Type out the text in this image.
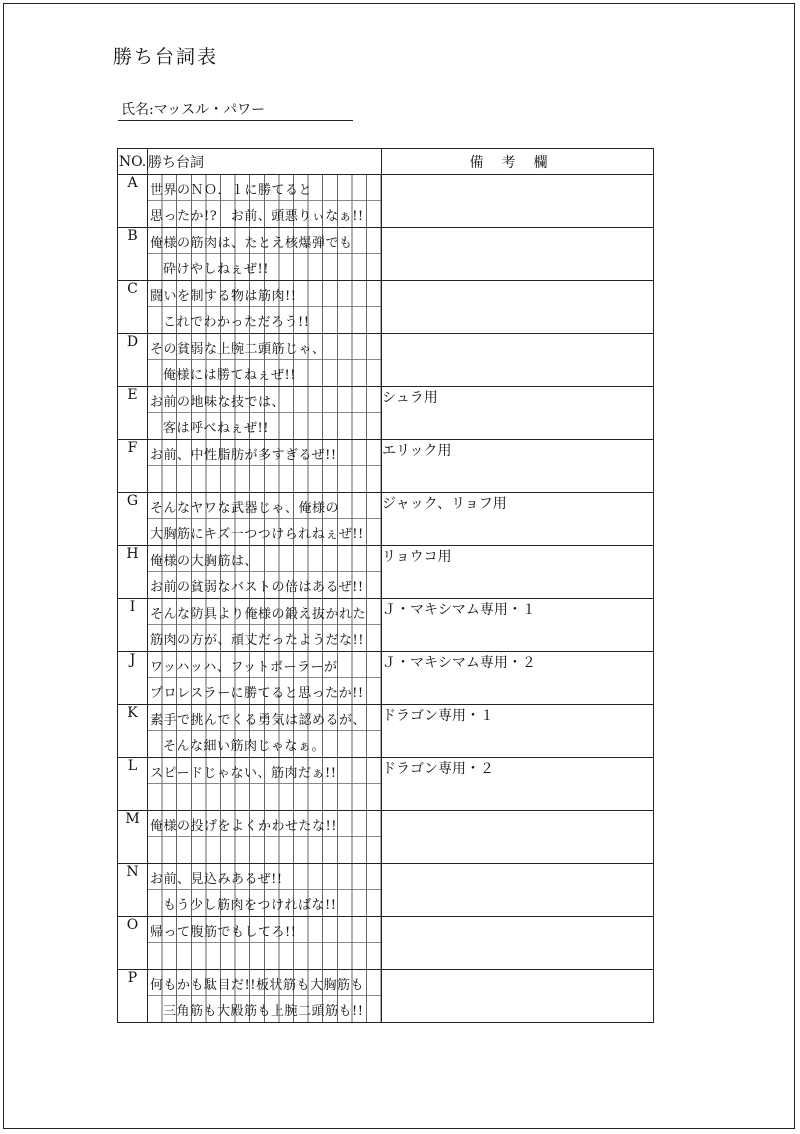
勝ち台詞表
氏名:マッスル・パワー
NO.	勝ち台詞	備考欄
A	世界のＮＯ．１に勝てると
思ったか!?　お前、頭悪りぃなぁ!!	

B	俺様の筋肉は、たとえ核爆弾でも
砕けやしねぇぜ!!	

C	闘いを制する物は筋肉!!
これでわかっただろう!!	

D	その貧弱な上腕二頭筋じゃ、
俺様には勝てねぇぜ!!	

E	お前の地味な技では、
客は呼べねぇぜ!!	シュラ用
F	お前、中性脂肪が多すぎるぜ!!	エリック用
G	そんなヤワな武器じゃ、俺様の
大胸筋にキズ一つつけられねぇぜ!!	ジャック、リョフ用
H	俺様の大胸筋は、
お前の貧弱なバストの倍はあるぜ!!	リョウコ用
I	そんな防具より俺様の鍛え抜かれた
筋肉の方が、頑丈だったようだな!!	Ｊ・マキシマム専用・１
J	ワッハッハ、フットボーラーが
プロレスラーに勝てると思ったか!!	Ｊ・マキシマム専用・２
K	素手で挑んでくる勇気は認めるが、
そんな細い筋肉じゃなぁ。	ドラゴン専用・１
L	スピードじゃない、筋肉だぁ!!	ドラゴン専用・２
M	俺様の投げをよくかわせたな!!	

N	お前、見込みあるぜ!!
もう少し筋肉をつければな!!	

O	帰って腹筋でもしてろ!!	

P	何もかも駄目だ!!板状筋も大胸筋も
三角筋も大殿筋も上腕二頭筋も!!	
